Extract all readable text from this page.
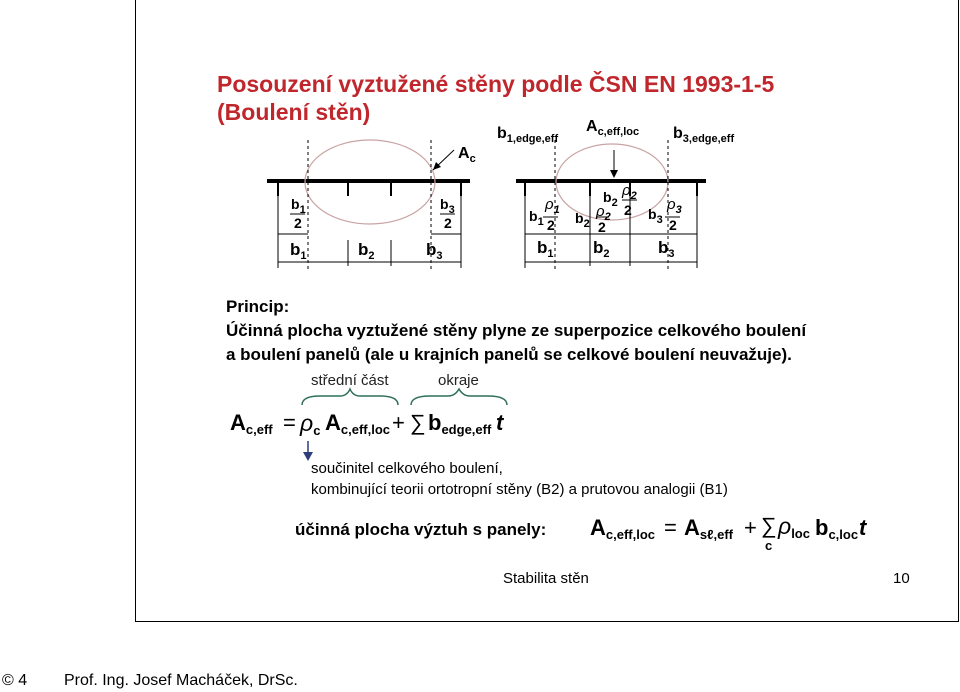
Posouzení vyztužené stěny podle ČSN EN 1993-1-5
(Boulení stěn)
$A_c$
$b_{1,edge,eff}$
$A_{c,eff,loc}$ $b_{3,edge,eff}$
$b_1$
2
$b_3$
2
$b_1$	$b_2$	$b_3$
$b_1$
$\rho_1$
2 $b_2$
$\rho_2$
2
$b_2$
$\rho_2$
2 $b_3$
$\rho_3$
2
$b_1$ $b_2$	$b_3$
Princip:
Účinná plocha vyztužené stěny plyne ze superpozice celkového boulení
a boulení panelů (ale u krajních panelů se celkové boulení neuvažuje).
střední část	okraje
$A_{c,eff} = \rho_c$ $A_{c,eff,loc}$ + ∑ $b_{edge,eff}$ t
součinitel celkového boulení,
kombinující teorii ortotropní stěny (B2) a prutovou analogii (B1)
účinná plocha výztuh s panely: $A_{c,eff,loc} = A_{s\ell,eff}$ + ∑
c
$\rho_{loc}$ $b_{c,loc}$ t
Stabilita stěn	10
© 4 Prof. Ing. Josef Macháček, DrSc.
